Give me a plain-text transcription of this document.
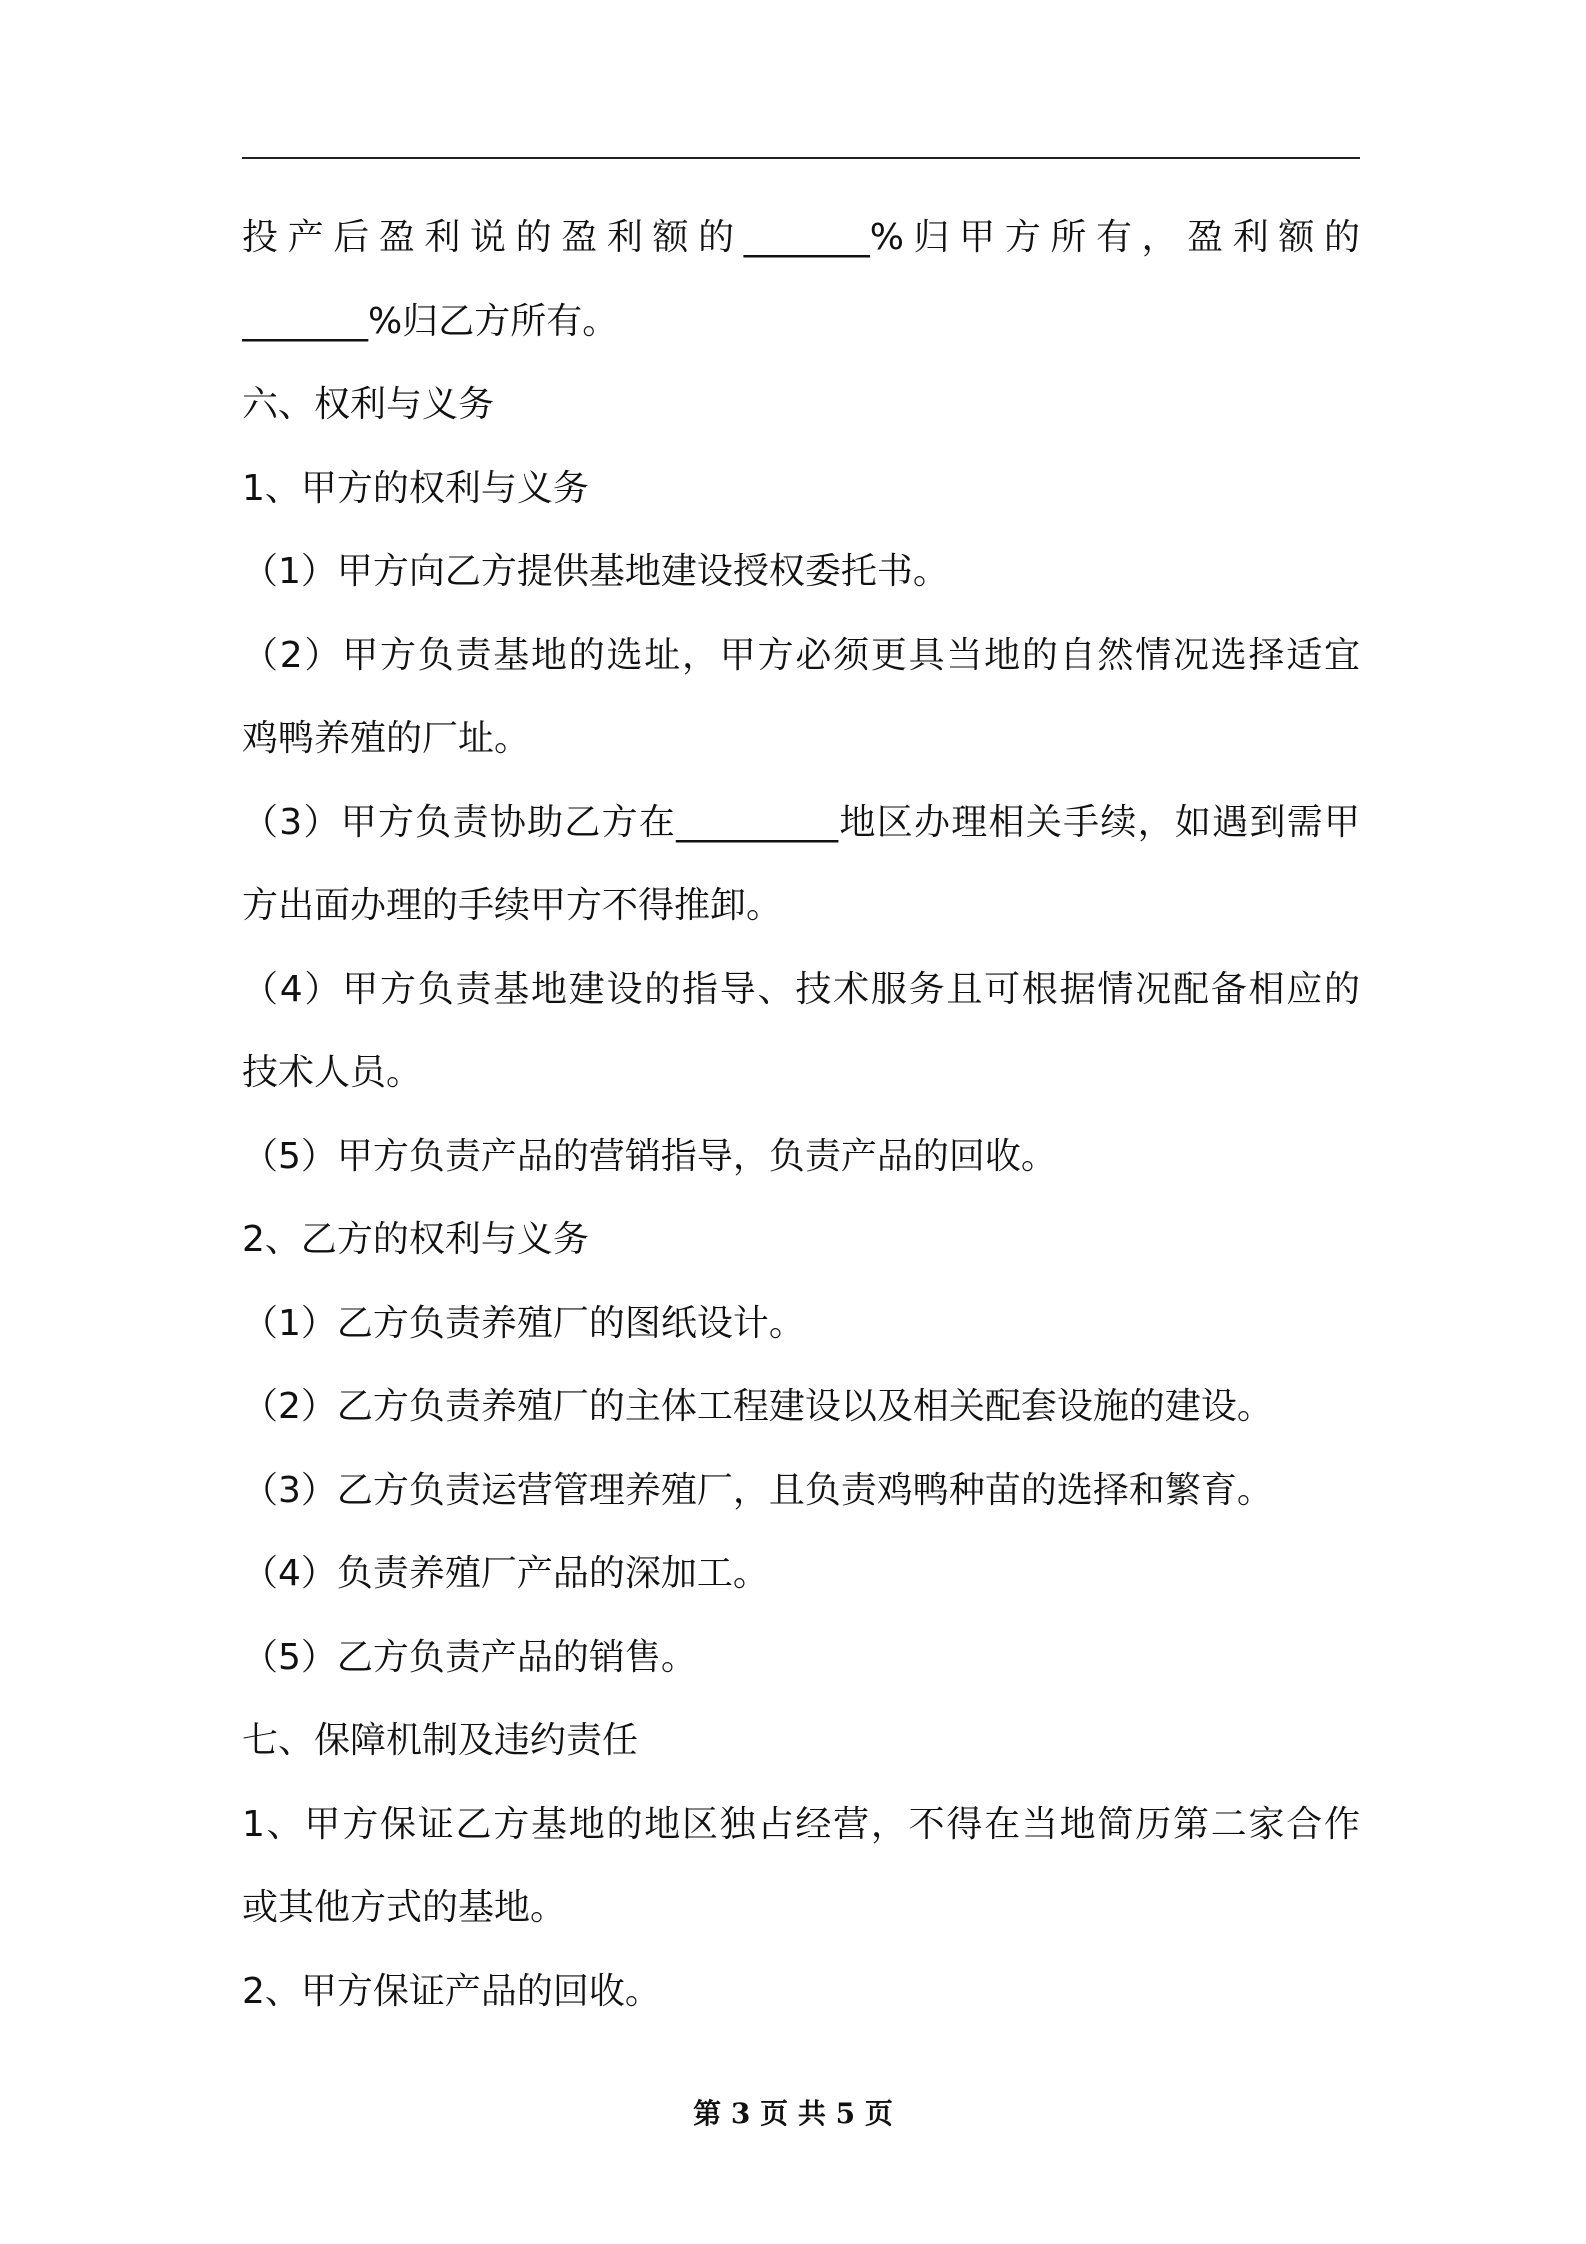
投产后盈利说的盈利额的_______%归甲方所有，盈利额的
_______%归乙方所有。
六、权利与义务
1、甲方的权利与义务
（1）甲方向乙方提供基地建设授权委托书。
（2）甲方负责基地的选址，甲方必须更具当地的自然情况选择适宜
鸡鸭养殖的厂址。
（3）甲方负责协助乙方在_________地区办理相关手续，如遇到需甲
方出面办理的手续甲方不得推卸。
（4）甲方负责基地建设的指导、技术服务且可根据情况配备相应的
技术人员。
（5）甲方负责产品的营销指导，负责产品的回收。
2、乙方的权利与义务
（1）乙方负责养殖厂的图纸设计。
（2）乙方负责养殖厂的主体工程建设以及相关配套设施的建设。
（3）乙方负责运营管理养殖厂，且负责鸡鸭种苗的选择和繁育。
（4）负责养殖厂产品的深加工。
（5）乙方负责产品的销售。
七、保障机制及违约责任
1、甲方保证乙方基地的地区独占经营，不得在当地简历第二家合作
或其他方式的基地。
2、甲方保证产品的回收。
第 3 页 共 5 页
